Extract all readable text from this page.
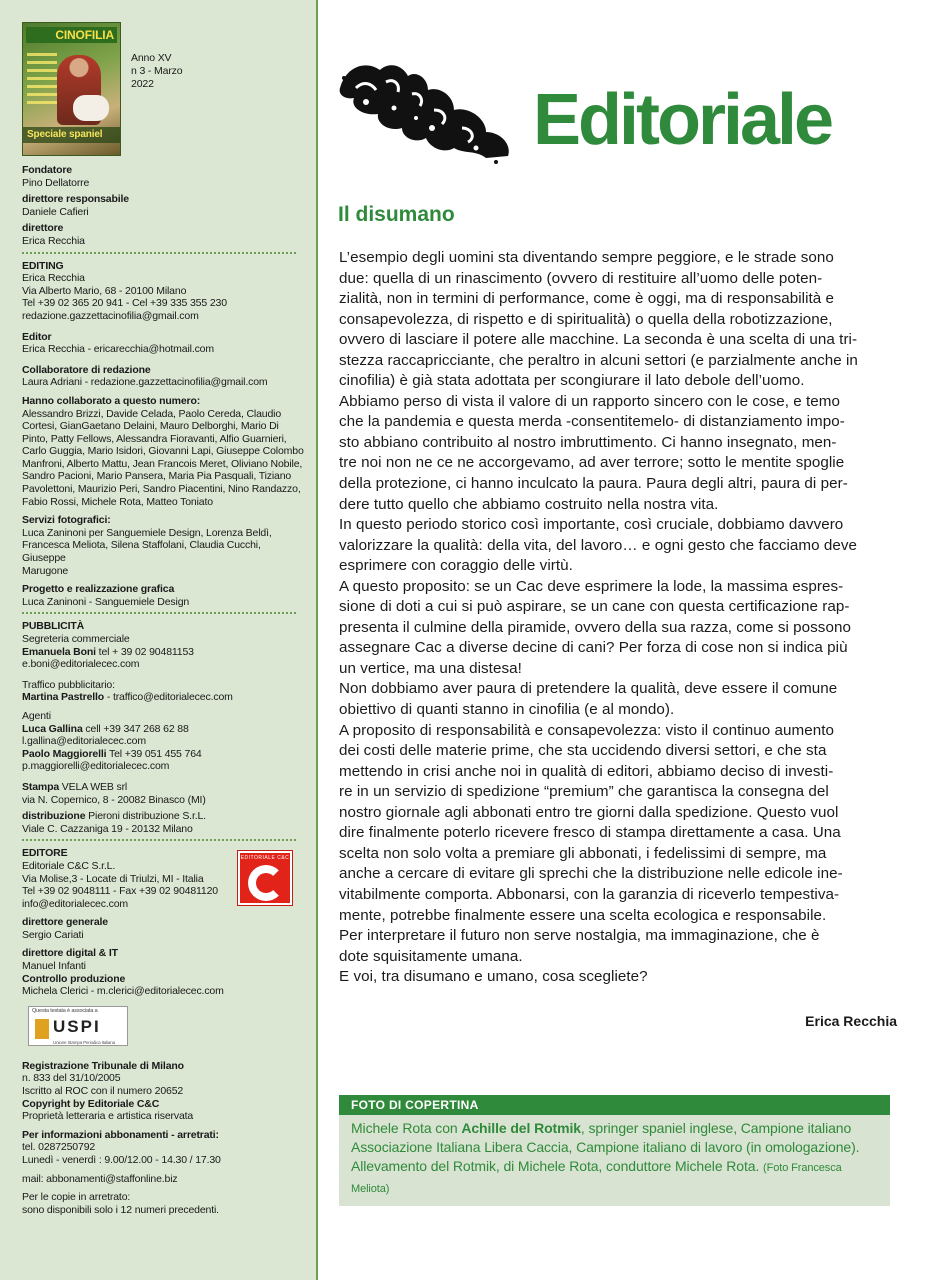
CINOFILIA
Speciale spaniel
Anno XV
n 3 - Marzo
2022
Fondatore
Pino Dellatorre
direttore responsabile
Daniele Cafieri
direttore
Erica Recchia
EDITING
Erica Recchia
Via Alberto Mario, 68 - 20100 Milano
Tel +39 02 365 20 941 - Cel +39 335 355 230
redazione.gazzettacinofilia@gmail.com
Editor
Erica Recchia - ericarecchia@hotmail.com
Collaboratore di redazione
Laura Adriani - redazione.gazzettacinofilia@gmail.com
Hanno collaborato a questo numero:
Alessandro Brizzi, Davide Celada, Paolo Cereda, Claudio
Cortesi, GianGaetano Delaini, Mauro Delborghi, Mario Di
Pinto, Patty Fellows, Alessandra Fioravanti, Alfio Guarnieri,
Carlo Guggia, Mario Isidori, Giovanni Lapi, Giuseppe Colombo
Manfroni, Alberto Mattu, Jean Francois Meret, Oliviano Nobile,
Sandro Pacioni, Mario Pansera, Maria Pia Pasquali, Tiziano
Pavolettoni, Maurizio Peri, Sandro Piacentini, Nino Randazzo,
Fabio Rossi, Michele Rota, Matteo Toniato
Servizi fotografici:
Luca Zaninoni per Sanguemiele Design, Lorenza Beldì,
Francesca Meliota, Silena Staffolani, Claudia Cucchi, Giuseppe
Marugone
Progetto e realizzazione grafica
Luca Zaninoni - Sanguemiele Design
PUBBLICITÀ
Segreteria commerciale
Emanuela Boni tel + 39 02 90481153
e.boni@editorialecec.com
Traffico pubblicitario:
Martina Pastrello - traffico@editorialecec.com
Agenti
Luca Gallina cell +39 347 268 62 88
l.gallina@editorialecec.com
Paolo Maggiorelli Tel +39 051 455 764
p.maggiorelli@editorialecec.com
Stampa VELA WEB srl
via N. Copernico, 8 - 20082 Binasco (MI)
distribuzione Pieroni distribuzione S.r.L.
Viale C. Cazzaniga 19 - 20132 Milano
EDITORE
Editoriale C&C S.r.L.
Via Molise,3 - Locate di Triulzi, MI - Italia
Tel +39 02 9048111 - Fax +39 02 90481120
info@editorialecec.com
EDITORIALE C&C
direttore generale
Sergio Cariati
direttore digital & IT
Manuel Infanti
Controllo produzione
Michela Clerici - m.clerici@editorialecec.com
Questa testata è associata a
USPI
Unione Stampa Periodica Italiana
Registrazione Tribunale di Milano
n. 833 del 31/10/2005
Iscritto al ROC con il numero 20652
Copyright by Editoriale C&C
Proprietà letteraria e artistica riservata
Per informazioni abbonamenti - arretrati:
tel. 0287250792
Lunedì - venerdì : 9.00/12.00 - 14.30 / 17.30
mail: abbonamenti@staffonline.biz
Per le copie in arretrato:
sono disponibili solo i 12 numeri precedenti.
Editoriale
Il disumano

L’esempio degli uomini sta diventando sempre peggiore, e le strade sono

due: quella di un rinascimento (ovvero di restituire all’uomo delle poten-

zialità, non in termini di performance, come è oggi, ma di responsabilità e

consapevolezza, di rispetto e di spiritualità) o quella della robotizzazione,

ovvero di lasciare il potere alle macchine. La seconda è una scelta di una tri-

stezza raccapricciante, che peraltro in alcuni settori (e parzialmente anche in

cinofilia) è già stata adottata per scongiurare il lato debole dell’uomo.

Abbiamo perso di vista il valore di un rapporto sincero con le cose, e temo

che la pandemia e questa merda -consentitemelo- di distanziamento impo-

sto abbiano contribuito al nostro imbruttimento. Ci hanno insegnato, men-

tre noi non ne ce ne accorgevamo, ad aver terrore; sotto le mentite spoglie

della protezione, ci hanno inculcato la paura. Paura degli altri, paura di per-

dere tutto quello che abbiamo costruito nella nostra vita.

In questo periodo storico così importante, così cruciale, dobbiamo davvero

valorizzare la qualità: della vita, del lavoro… e ogni gesto che facciamo deve

esprimere con coraggio delle virtù.

A questo proposito: se un Cac deve esprimere la lode, la massima espres-

sione di doti a cui si può aspirare, se un cane con questa certificazione rap-

presenta il culmine della piramide, ovvero della sua razza, come si possono

assegnare Cac a diverse decine di cani? Per forza di cose non si indica più

un vertice, ma una distesa!

Non dobbiamo aver paura di pretendere la qualità, deve essere il comune

obiettivo di quanti stanno in cinofilia (e al mondo).

A proposito di responsabilità e consapevolezza: visto il continuo aumento

dei costi delle materie prime, che sta uccidendo diversi settori, e che sta

mettendo in crisi anche noi in qualità di editori, abbiamo deciso di investi-

re in un servizio di spedizione “premium” che garantisca la consegna del

nostro giornale agli abbonati entro tre giorni dalla spedizione. Questo vuol

dire finalmente poterlo ricevere fresco di stampa direttamente a casa. Una

scelta non solo volta a premiare gli abbonati, i fedelissimi di sempre, ma

anche a cercare di evitare gli sprechi che la distribuzione nelle edicole ine-

vitabilmente comporta. Abbonarsi, con la garanzia di riceverlo tempestiva-

mente, potrebbe finalmente essere una scelta ecologica e responsabile.

Per interpretare il futuro non serve nostalgia, ma immaginazione, che è

dote squisitamente umana.

E voi, tra disumano e umano, cosa scegliete?

Erica Recchia
FOTO DI COPERTINA
Michele Rota con Achille del Rotmik, springer spaniel inglese, Campione italiano Associazione Italiana Libera Caccia, Campione italiano di lavoro (in omologazione). Allevamento del Rotmik, di Michele Rota, conduttore Michele Rota. (Foto Francesca Meliota)
